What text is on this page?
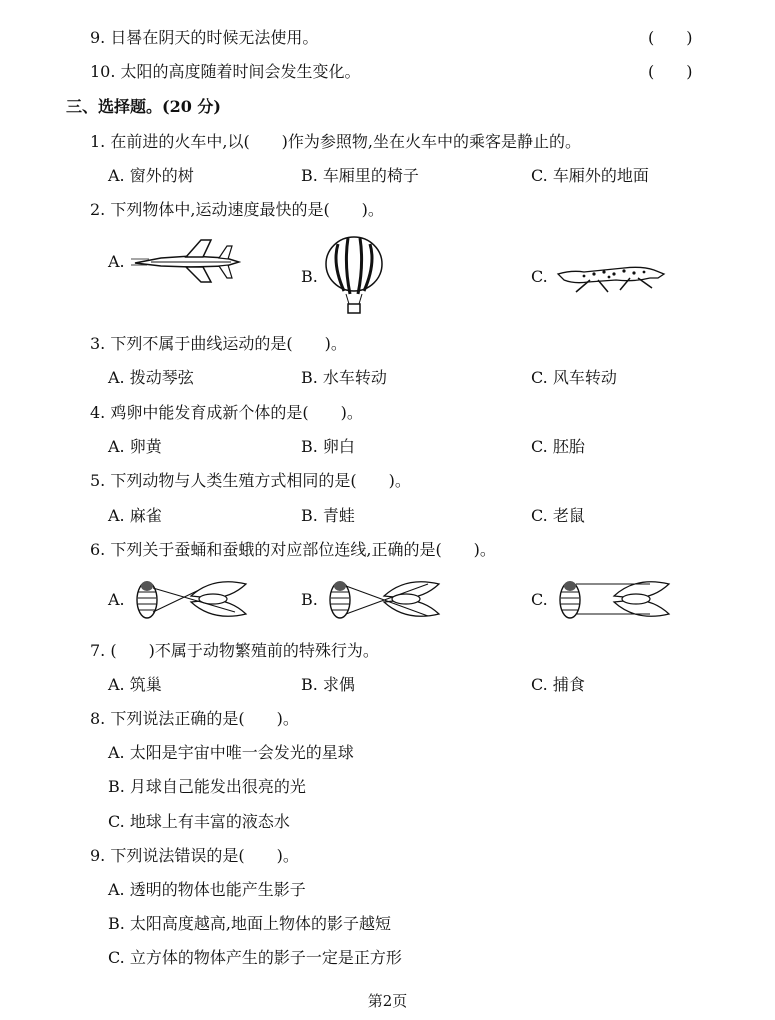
9. 日晷在阴天的时候无法使用。	(　　)
10. 太阳的高度随着时间会发生变化。	(　　)
三、选择题。(20 分)
1. 在前进的火车中,以(　　)作为参照物,坐在火车中的乘客是静止的。
A. 窗外的树	B. 车厢里的椅子	C. 车厢外的地面
2. 下列物体中,运动速度最快的是(　　)。
A.
B.	C.
3. 下列不属于曲线运动的是(　　)。
A. 拨动琴弦	B. 水车转动	C. 风车转动
4. 鸡卵中能发育成新个体的是(　　)。
A. 卵黄	B. 卵白	C. 胚胎
5. 下列动物与人类生殖方式相同的是(　　)。
A. 麻雀	B. 青蛙	C. 老鼠
6. 下列关于蚕蛹和蚕蛾的对应部位连线,正确的是(　　)。
A.	B.	C.
7. (　　)不属于动物繁殖前的特殊行为。
A. 筑巢	B. 求偶	C. 捕食
8. 下列说法正确的是(　　)。
A. 太阳是宇宙中唯一会发光的星球
B. 月球自己能发出很亮的光
C. 地球上有丰富的液态水
9. 下列说法错误的是(　　)。
A. 透明的物体也能产生影子
B. 太阳高度越高,地面上物体的影子越短
C. 立方体的物体产生的影子一定是正方形
第2页
